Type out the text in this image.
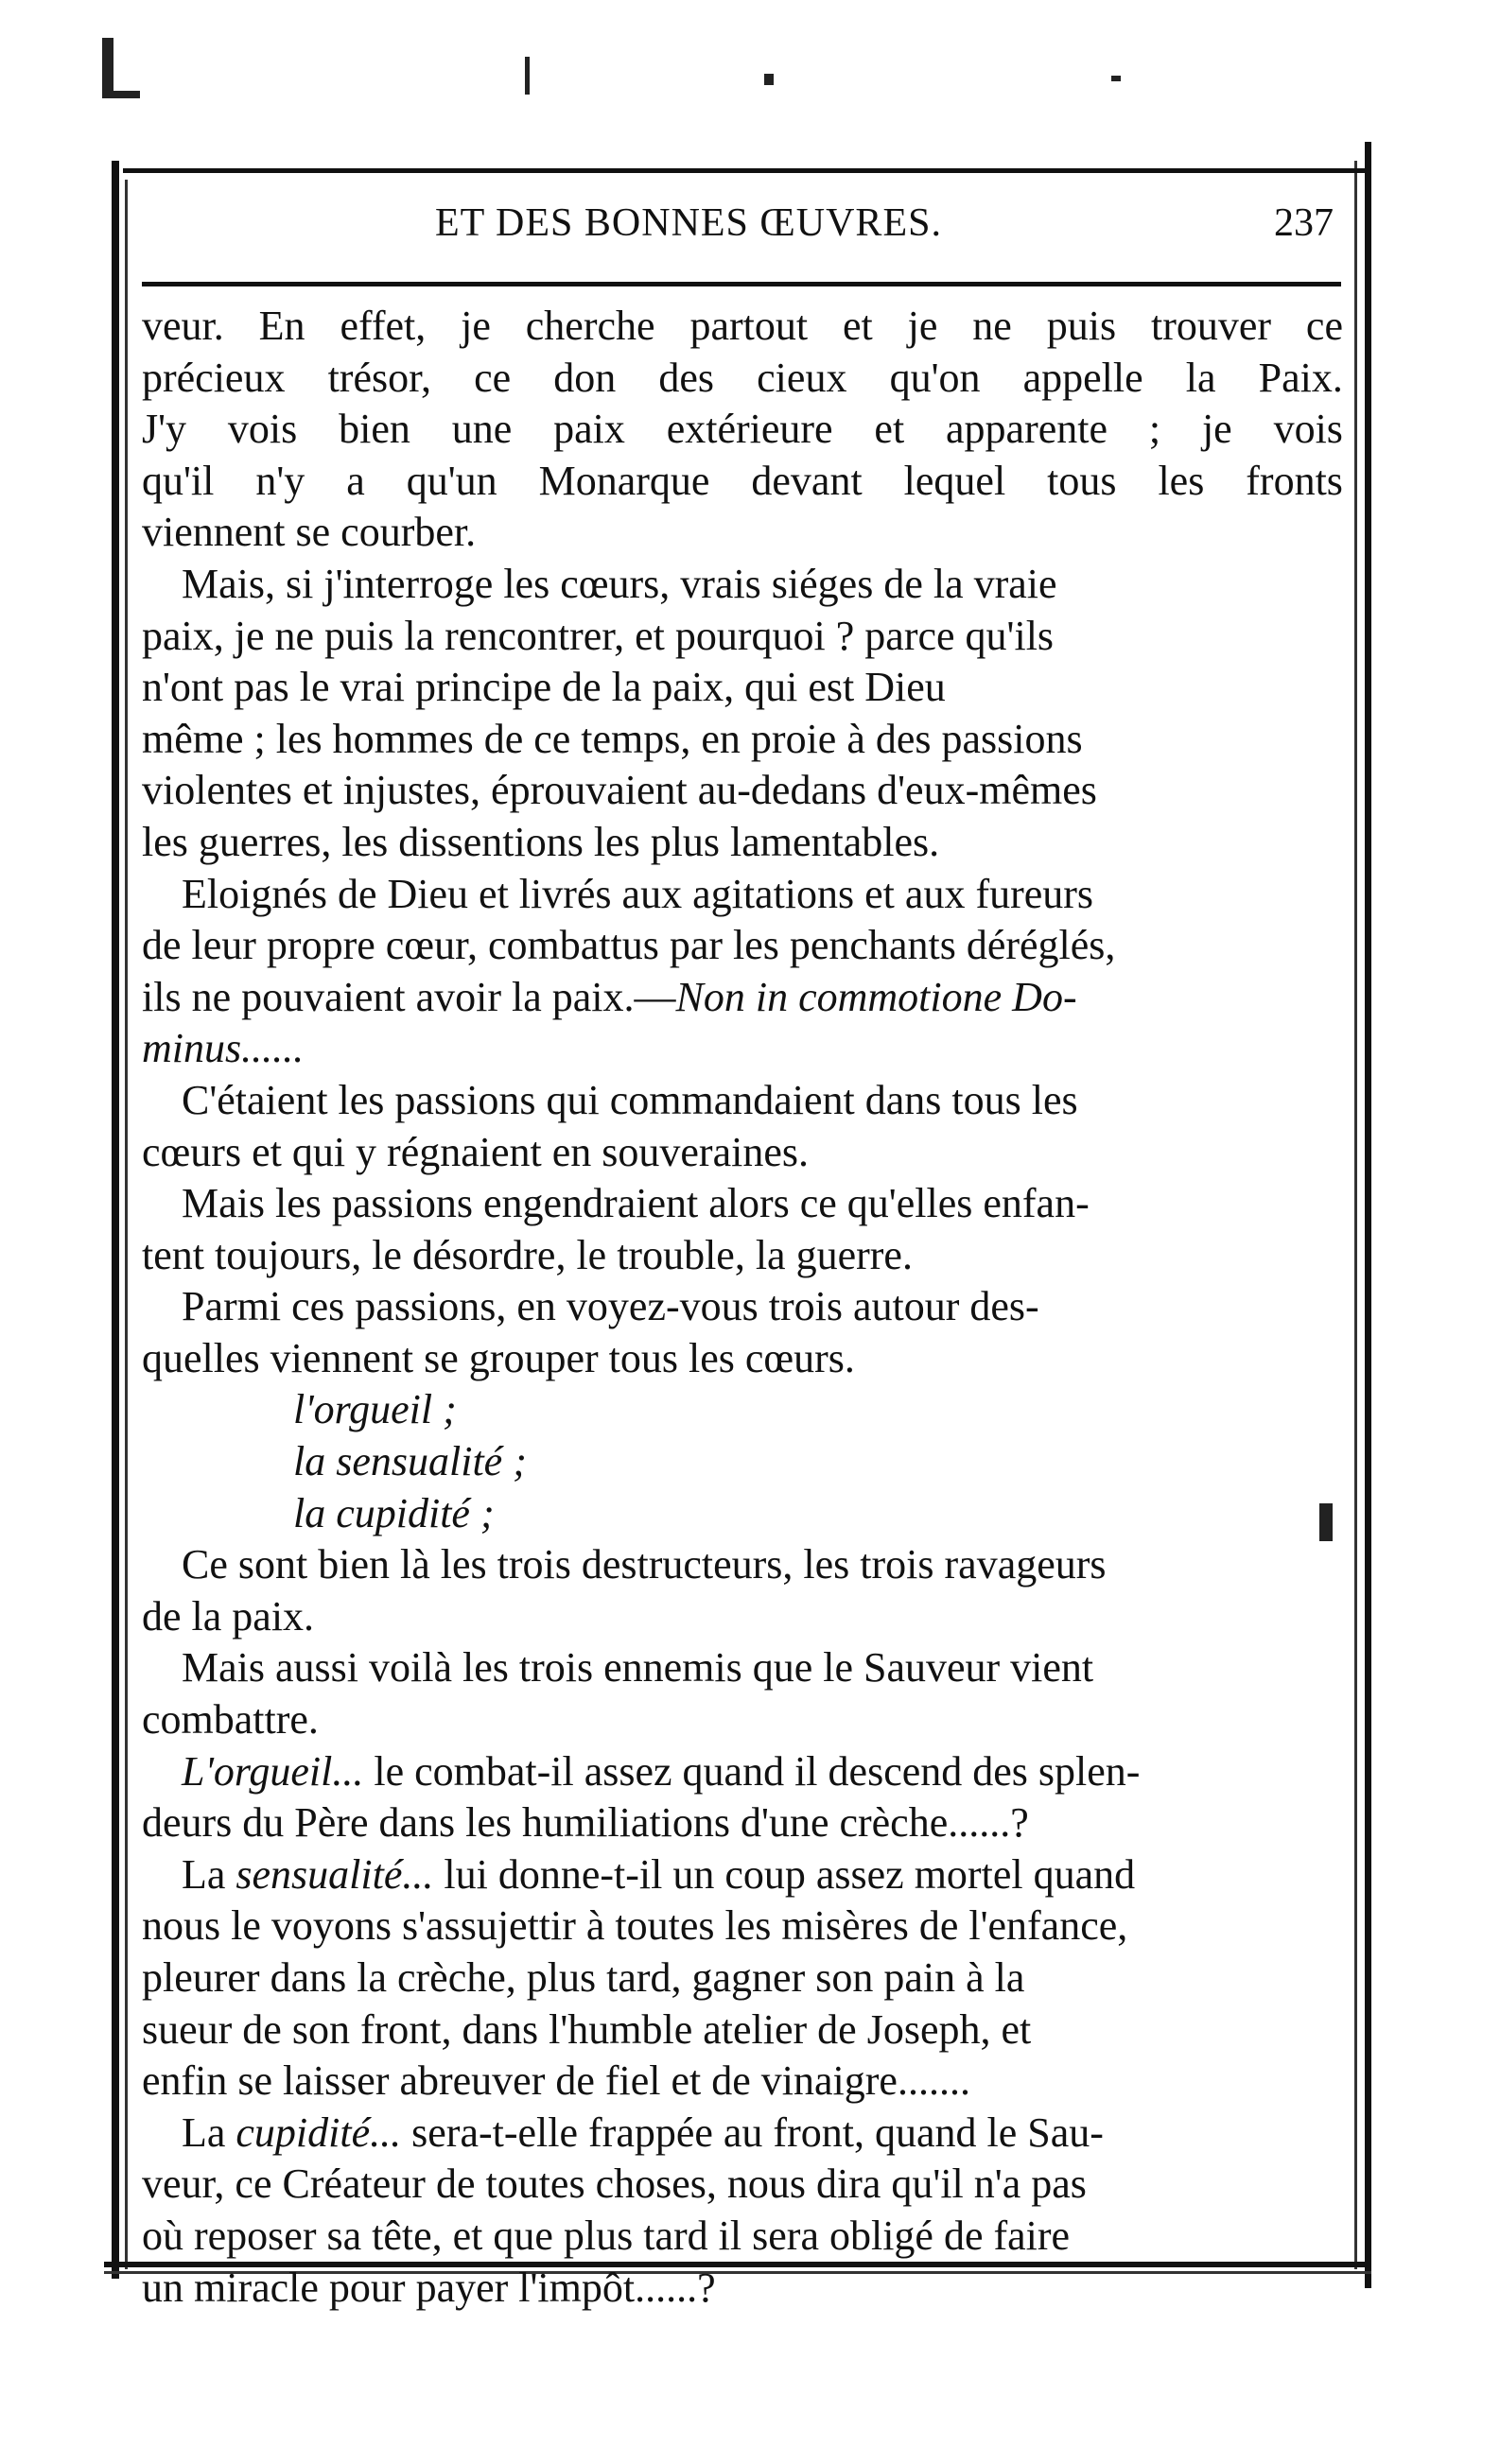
ET DES BONNES ŒUVRES.	237
veur. En effet, je cherche partout et je ne puis trouver ce
précieux trésor, ce don des cieux qu'on appelle la Paix.
J'y vois bien une paix extérieure et apparente ; je vois
qu'il n'y a qu'un Monarque devant lequel tous les fronts
viennent se courber.
Mais, si j'interroge les cœurs, vrais siéges de la vraie
paix, je ne puis la rencontrer, et pourquoi ? parce qu'ils
n'ont pas le vrai principe de la paix, qui est Dieu
même ; les hommes de ce temps, en proie à des passions
violentes et injustes, éprouvaient au-dedans d'eux-mêmes
les guerres, les dissentions les plus lamentables.
Eloignés de Dieu et livrés aux agitations et aux fureurs
de leur propre cœur, combattus par les penchants déréglés,
ils ne pouvaient avoir la paix.—Non in commotione Do-
minus......
C'étaient les passions qui commandaient dans tous les
cœurs et qui y régnaient en souveraines.
Mais les passions engendraient alors ce qu'elles enfan-
tent toujours, le désordre, le trouble, la guerre.
Parmi ces passions, en voyez-vous trois autour des-
quelles viennent se grouper tous les cœurs.
l'orgueil ;
la sensualité ;
la cupidité ;
Ce sont bien là les trois destructeurs, les trois ravageurs
de la paix.
Mais aussi voilà les trois ennemis que le Sauveur vient
combattre.
L'orgueil... le combat-il assez quand il descend des splen-
deurs du Père dans les humiliations d'une crèche......?
La sensualité... lui donne-t-il un coup assez mortel quand
nous le voyons s'assujettir à toutes les misères de l'enfance,
pleurer dans la crèche, plus tard, gagner son pain à la
sueur de son front, dans l'humble atelier de Joseph, et
enfin se laisser abreuver de fiel et de vinaigre.......
La cupidité... sera-t-elle frappée au front, quand le Sau-
veur, ce Créateur de toutes choses, nous dira qu'il n'a pas
où reposer sa tête, et que plus tard il sera obligé de faire
un miracle pour payer l'impôt......?
